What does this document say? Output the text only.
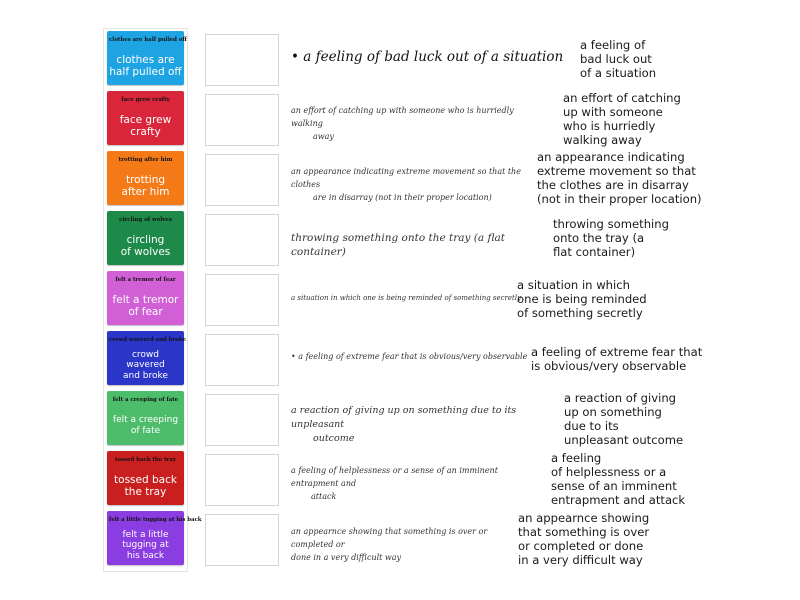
clothes are half pulled off
clothes are
half pulled off
face grew crafty
face grew
crafty
trotting after him
trotting
after him
circling of wolves
circling
of wolves
felt a tremor of fear
felt a tremor
of fear
crowd wavered and broke
crowd
wavered
and broke
felt a creeping of fate
felt a creeping
of fate
tossed back the tray
tossed back
the tray
felt a little tugging at his back
felt a little
tugging at
his back
• a feeling of bad luck out of a situation
an effort of catching up with someone who is hurriedly walking
away
an appearance indicating extreme movement so that the clothes
are in disarray (not in their proper location)
throwing something onto the tray (a flat container)
a situation in which one is being reminded of something secretly
• a feeling of extreme fear that is obvious/very observable
a reaction of giving up on something due to its unpleasant
outcome
a feeling of helplessness or a sense of an imminent entrapment and
attack
an appearnce showing that something is over or completed or
done in a very difficult way
a feeling of
bad luck out
of a situation
an effort of catching
up with someone
who is hurriedly
walking away
an appearance indicating
extreme movement so that
the clothes are in disarray
(not in their proper location)
throwing something
onto the tray (a
flat container)
a situation in which
one is being reminded
of something secretly
a feeling of extreme fear that
is obvious/very observable
a reaction of giving
up on something
due to its
unpleasant outcome
a feeling
of helplessness or a
sense of an imminent
entrapment and attack
an appearnce showing
that something is over
or completed or done
in a very difficult way
